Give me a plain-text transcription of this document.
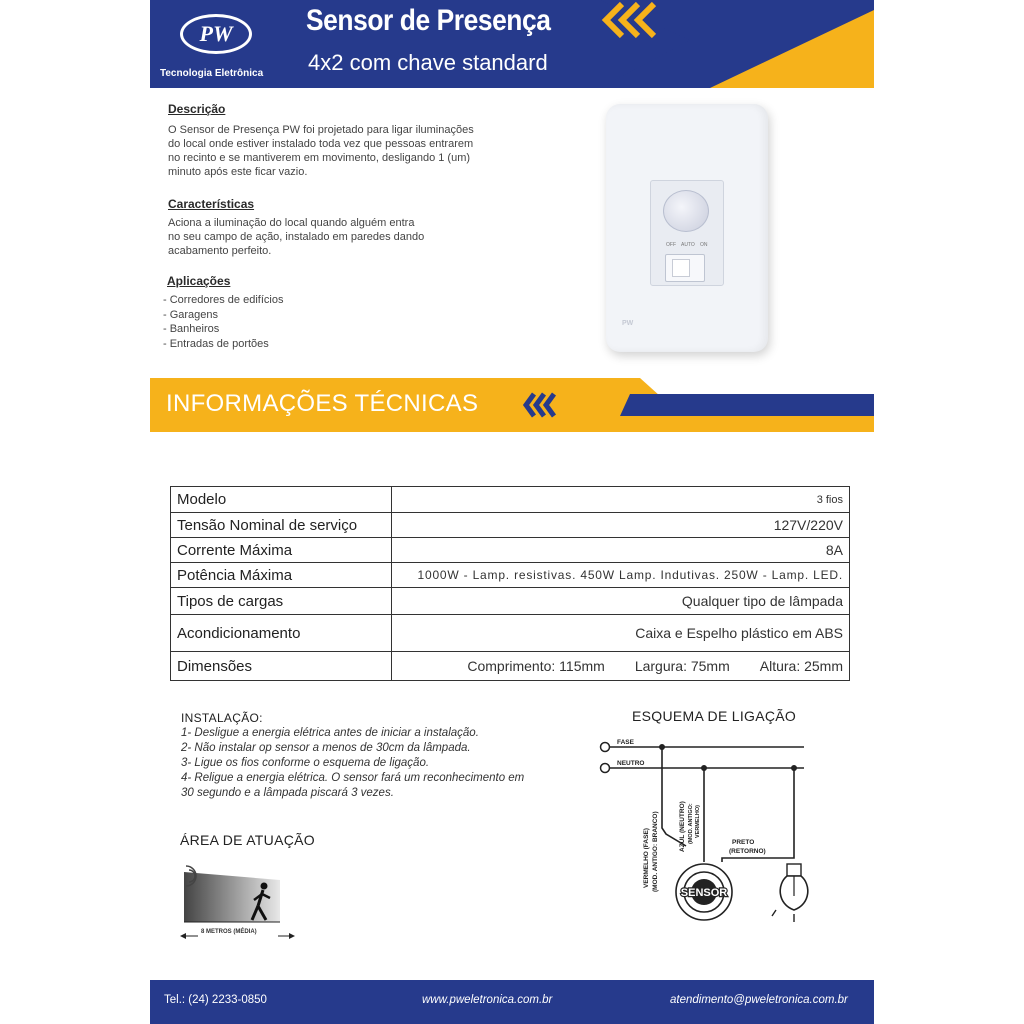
PW
Tecnologia Eletrônica
Sensor de Presença
4x2 com chave standard
Descrição
O Sensor de Presença PW foi projetado para ligar iluminações
do local onde estiver instalado toda vez que pessoas entrarem
no recinto e se mantiverem em movimento, desligando 1 (um)
minuto após este ficar vazio.
Características
Aciona a iluminação do local quando alguém entra
no seu campo de ação, instalado em paredes dando
acabamento perfeito.
Aplicações
- Corredores de edifícios
- Garagens
- Banheiros
- Entradas de portões
OFF AUTO ON
PW
INFORMAÇÕES TÉCNICAS
Modelo	3 fios
Tensão Nominal de serviço	127V/220V
Corrente Máxima	8A
Potência Máxima	1000W - Lamp. resistivas. 450W Lamp. Indutivas. 250W - Lamp. LED.
Tipos de cargas	Qualquer tipo de lâmpada
Acondicionamento	Caixa e Espelho plástico em ABS
Dimensões	Comprimento: 115mm Largura: 75mm Altura: 25mm
INSTALAÇÃO:
1- Desligue a energia elétrica antes de iniciar a instalação.
2- Não instalar op sensor a menos de 30cm da lâmpada.
3- Ligue os fios conforme o esquema de ligação.
4- Religue a energia elétrica. O sensor fará um reconhecimento em
30 segundo e a lâmpada piscará 3 vezes.
ÁREA DE ATUAÇÃO
8 METROS (MÉDIA)
ESQUEMA DE LIGAÇÃO
FASE
NEUTRO
VERMELHO (FASE) (MOD. ANTIGO: BRANCO)	AZUL (NEUTRO) (MOD. ANTIGO: VERMELHO)
PRETO
(RETORNO)
SENSOR
Tel.: (24) 2233-0850	www.pweletronica.com.br	atendimento@pweletronica.com.br
